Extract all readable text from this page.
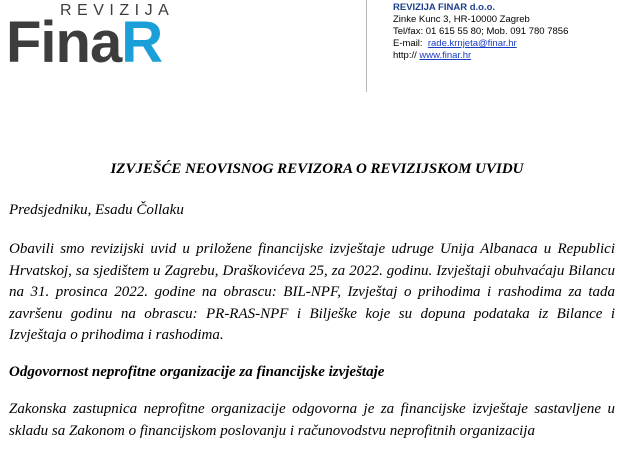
REVIZIJA
FinaR
REVIZIJA FINAR d.o.o.
Zinke Kunc 3, HR-10000 Zagreb
Tel/fax: 01 615 55 80; Mob. 091 780 7856
E-mail: rade.krnjeta@finar.hr
http:// www.finar.hr
IZVJEŠĆE NEOVISNOG REVIZORA O REVIZIJSKOM UVIDU
Predsjedniku, Esadu Čollaku
Obavili smo revizijski uvid u priložene financijske izvještaje udruge Unija Albanaca u Republici Hrvatskoj, sa sjedištem u Zagrebu, Draškovićeva 25, za 2022. godinu. Izvještaji obuhvaćaju Bilancu na 31. prosinca 2022. godine na obrascu: BIL-NPF, Izvještaj o prihodima i rashodima za tada završenu godinu na obrascu: PR-RAS-NPF i Bilješke koje su dopuna podataka iz Bilance i Izvještaja o prihodima i rashodima.
Odgovornost neprofitne organizacije za financijske izvještaje
Zakonska zastupnica neprofitne organizacije odgovorna je za financijske izvještaje sastavljene u skladu sa Zakonom o financijskom poslovanju i računovodstvu neprofitnih organizacija
